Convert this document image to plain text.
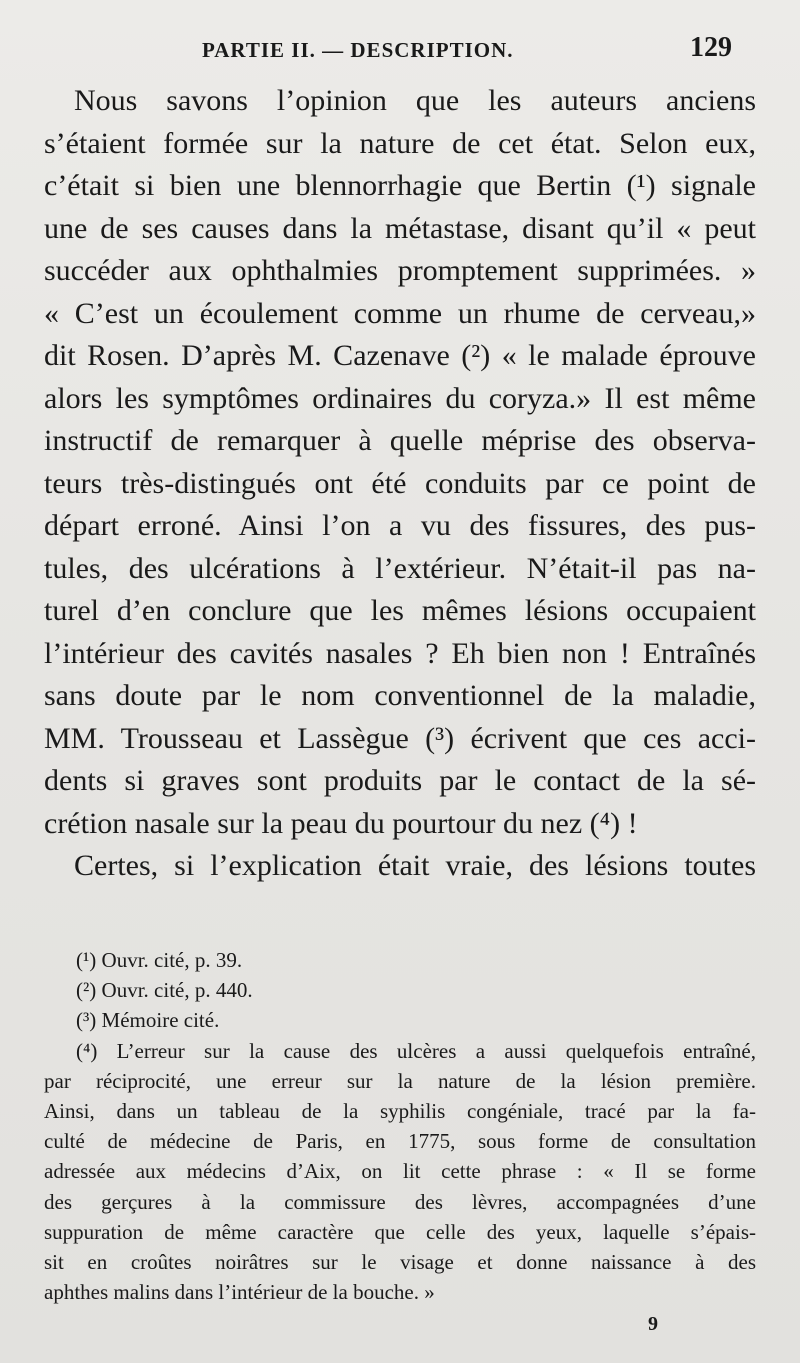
PARTIE II. — DESCRIPTION.	129
Nous savons l’opinion que les auteurs anciens
s’étaient formée sur la nature de cet état. Selon eux,
c’était si bien une blennorrhagie que Bertin (¹) signale
une de ses causes dans la métastase, disant qu’il « peut
succéder aux ophthalmies promptement supprimées. »
« C’est un écoulement comme un rhume de cerveau,»
dit Rosen. D’après M. Cazenave (²) « le malade éprouve
alors les symptômes ordinaires du coryza.» Il est même
instructif de remarquer à quelle méprise des observa-
teurs très-distingués ont été conduits par ce point de
départ erroné. Ainsi l’on a vu des fissures, des pus-
tules, des ulcérations à l’extérieur. N’était-il pas na-
turel d’en conclure que les mêmes lésions occupaient
l’intérieur des cavités nasales ? Eh bien non ! Entraînés
sans doute par le nom conventionnel de la maladie,
MM. Trousseau et Lassègue (³) écrivent que ces acci-
dents si graves sont produits par le contact de la sé-
crétion nasale sur la peau du pourtour du nez (⁴) !
Certes, si l’explication était vraie, des lésions toutes
(¹) Ouvr. cité, p. 39.
(²) Ouvr. cité, p. 440.
(³) Mémoire cité.
(⁴) L’erreur sur la cause des ulcères a aussi quelquefois entraîné,
par réciprocité, une erreur sur la nature de la lésion première.
Ainsi, dans un tableau de la syphilis congéniale, tracé par la fa-
culté de médecine de Paris, en 1775, sous forme de consultation
adressée aux médecins d’Aix, on lit cette phrase : « Il se forme
des gerçures à la commissure des lèvres, accompagnées d’une
suppuration de même caractère que celle des yeux, laquelle s’épais-
sit en croûtes noirâtres sur le visage et donne naissance à des
aphthes malins dans l’intérieur de la bouche. »
9
